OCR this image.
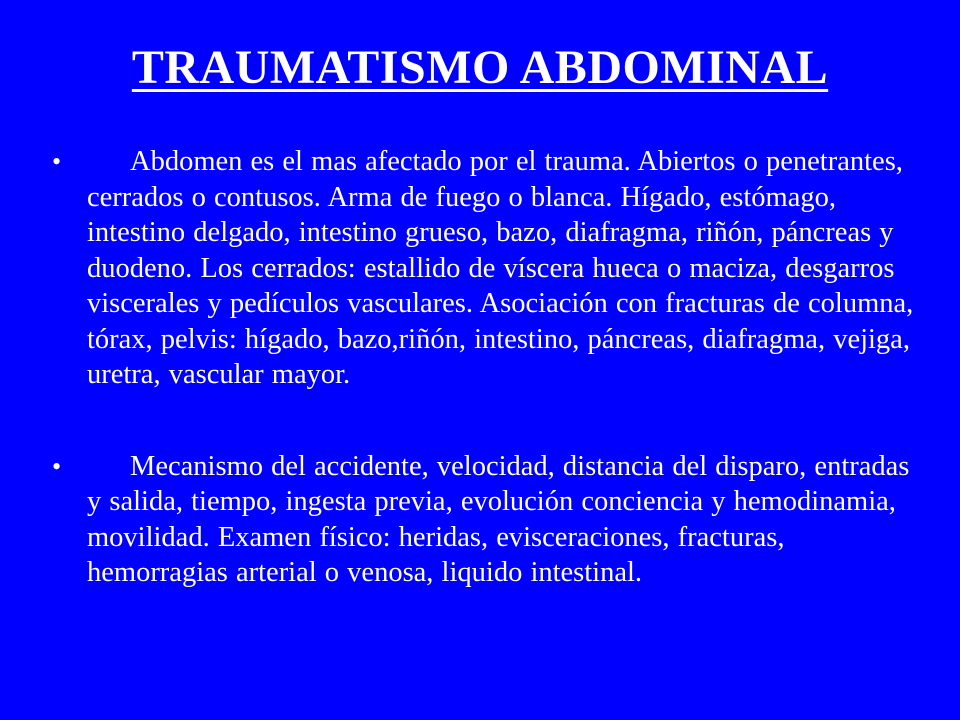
TRAUMATISMO ABDOMINAL
• Abdomen es el mas afectado por el trauma. Abiertos o penetrantes, cerrados o contusos. Arma de fuego o blanca. Hígado, estómago, intestino delgado, intestino grueso, bazo, diafragma, riñón, páncreas y duodeno. Los cerrados: estallido de víscera hueca o maciza, desgarros viscerales y pedículos vasculares. Asociación con fracturas de columna, tórax, pelvis: hígado, bazo,riñón, intestino, páncreas, diafragma, vejiga, uretra, vascular mayor.
• Mecanismo del accidente, velocidad, distancia del disparo, entradas y salida, tiempo, ingesta previa, evolución conciencia y hemodinamia, movilidad. Examen físico: heridas, evisceraciones, fracturas, hemorragias arterial o venosa, liquido intestinal.
